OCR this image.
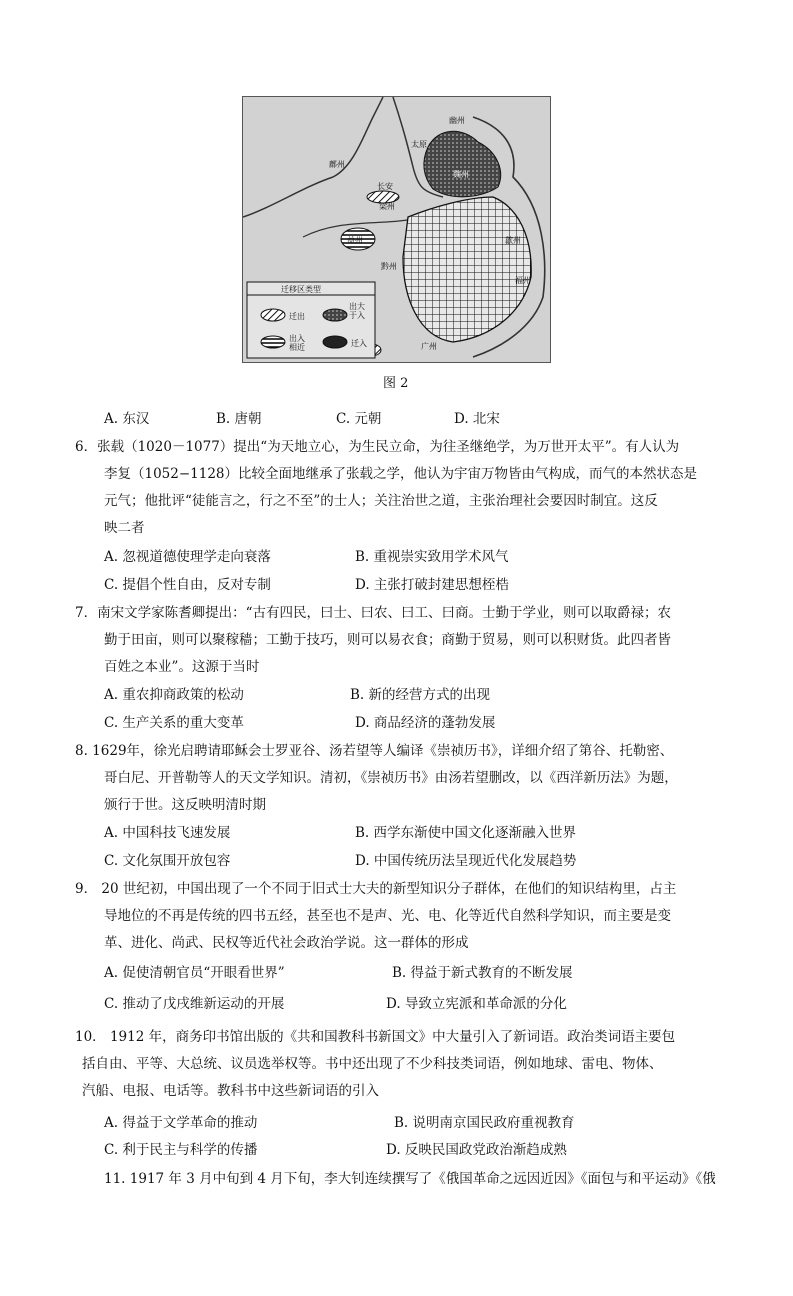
幽州
太原
鄜州
长安
梁州
益州
黔州
魏州
歙州
福州
广州
迁移区类型
迁出
出大于入
出入相近	迁入
图 2
A. 东汉	B. 唐朝	C. 元朝	D. 北宋
6．张载（1020－1077）提出“为天地立心，为生民立命，为往圣继绝学，为万世开太平”。有人认为
李复（1052−1128）比较全面地继承了张载之学，他认为宇宙万物皆由气构成，而气的本然状态是
元气；他批评“徒能言之，行之不至”的士人；关注治世之道，主张治理社会要因时制宜。这反
映二者
A. 忽视道德使理学走向衰落	B. 重视崇实致用学术风气
C. 提倡个性自由，反对专制	D. 主张打破封建思想桎梏
7．南宋文学家陈耆卿提出：“古有四民，曰士、曰农、曰工、曰商。士勤于学业，则可以取爵禄；农
勤于田亩，则可以聚稼穑；工勤于技巧，则可以易衣食；商勤于贸易，则可以积财货。此四者皆
百姓之本业”。这源于当时
A. 重农抑商政策的松动	B. 新的经营方式的出现
C. 生产关系的重大变革	D. 商品经济的蓬勃发展
8. 1629年，徐光启聘请耶稣会士罗亚谷、汤若望等人编译《崇祯历书》，详细介绍了第谷、托勒密、
哥白尼、开普勒等人的天文学知识。清初，《崇祯历书》由汤若望删改，以《西洋新历法》为题，
颁行于世。这反映明清时期
A. 中国科技飞速发展	B. 西学东渐使中国文化逐渐融入世界
C. 文化氛围开放包容	D. 中国传统历法呈现近代化发展趋势
9． 20 世纪初，中国出现了一个不同于旧式士大夫的新型知识分子群体，在他们的知识结构里，占主
导地位的不再是传统的四书五经，甚至也不是声、光、电、化等近代自然科学知识，而主要是变
革、进化、尚武、民权等近代社会政治学说。这一群体的形成
A. 促使清朝官员“开眼看世界”	B. 得益于新式教育的不断发展
C. 推动了戊戌维新运动的开展	D. 导致立宪派和革命派的分化
10． 1912 年，商务印书馆出版的《共和国教科书新国文》中大量引入了新词语。政治类词语主要包
括自由、平等、大总统、议员选举权等。书中还出现了不少科技类词语，例如地球、雷电、物体、
汽船、电报、电话等。教科书中这些新词语的引入
A. 得益于文学革命的推动	B. 说明南京国民政府重视教育
C. 利于民主与科学的传播	D. 反映民国政党政治渐趋成熟
11. 1917 年 3 月中旬到 4 月下旬，李大钊连续撰写了《俄国革命之远因近因》《面包与和平运动》《俄
